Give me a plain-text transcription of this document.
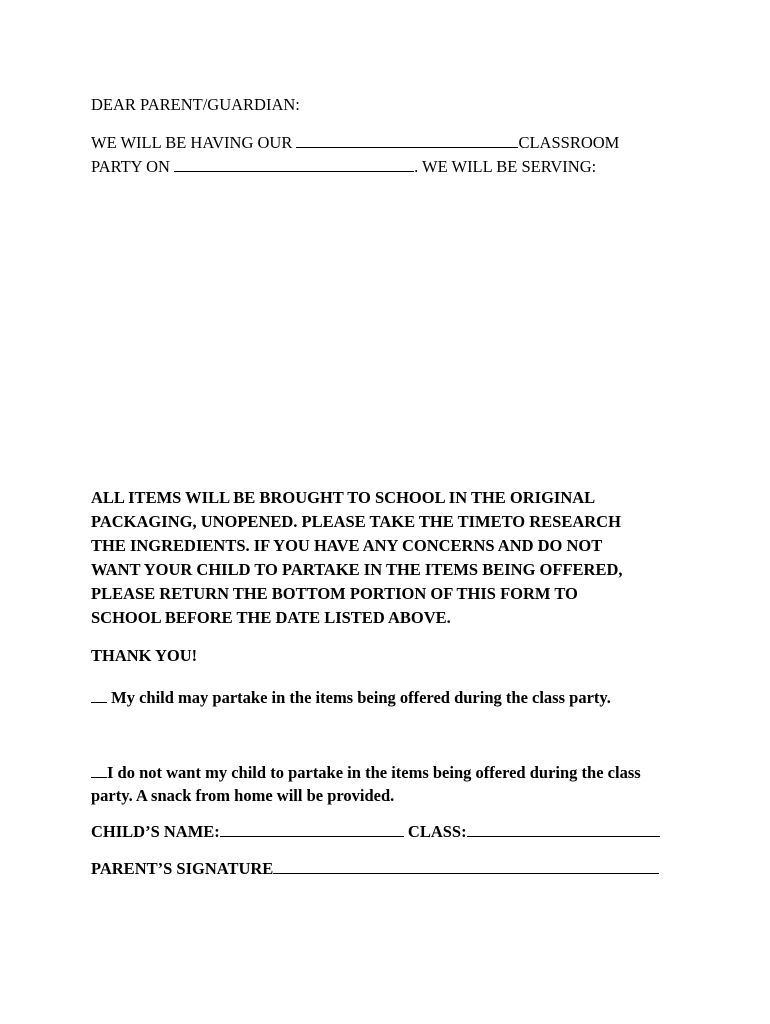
DEAR PARENT/GUARDIAN:
WE WILL BE HAVING OUR	CLASSROOM
PARTY ON	. WE WILL BE SERVING:
ALL ITEMS WILL BE BROUGHT TO SCHOOL IN THE ORIGINAL
PACKAGING, UNOPENED. PLEASE TAKE THE TIMETO RESEARCH
THE INGREDIENTS. IF YOU HAVE ANY CONCERNS AND DO NOT
WANT YOUR CHILD TO PARTAKE IN THE ITEMS BEING OFFERED,
PLEASE RETURN THE BOTTOM PORTION OF THIS FORM TO
SCHOOL BEFORE THE DATE LISTED ABOVE.
THANK YOU!
My child may partake in the items being offered during the class party.
I do not want my child to partake in the items being offered during the class
party. A snack from home will be provided.
CHILD’S NAME:	CLASS:
PARENT’S SIGNATURE
